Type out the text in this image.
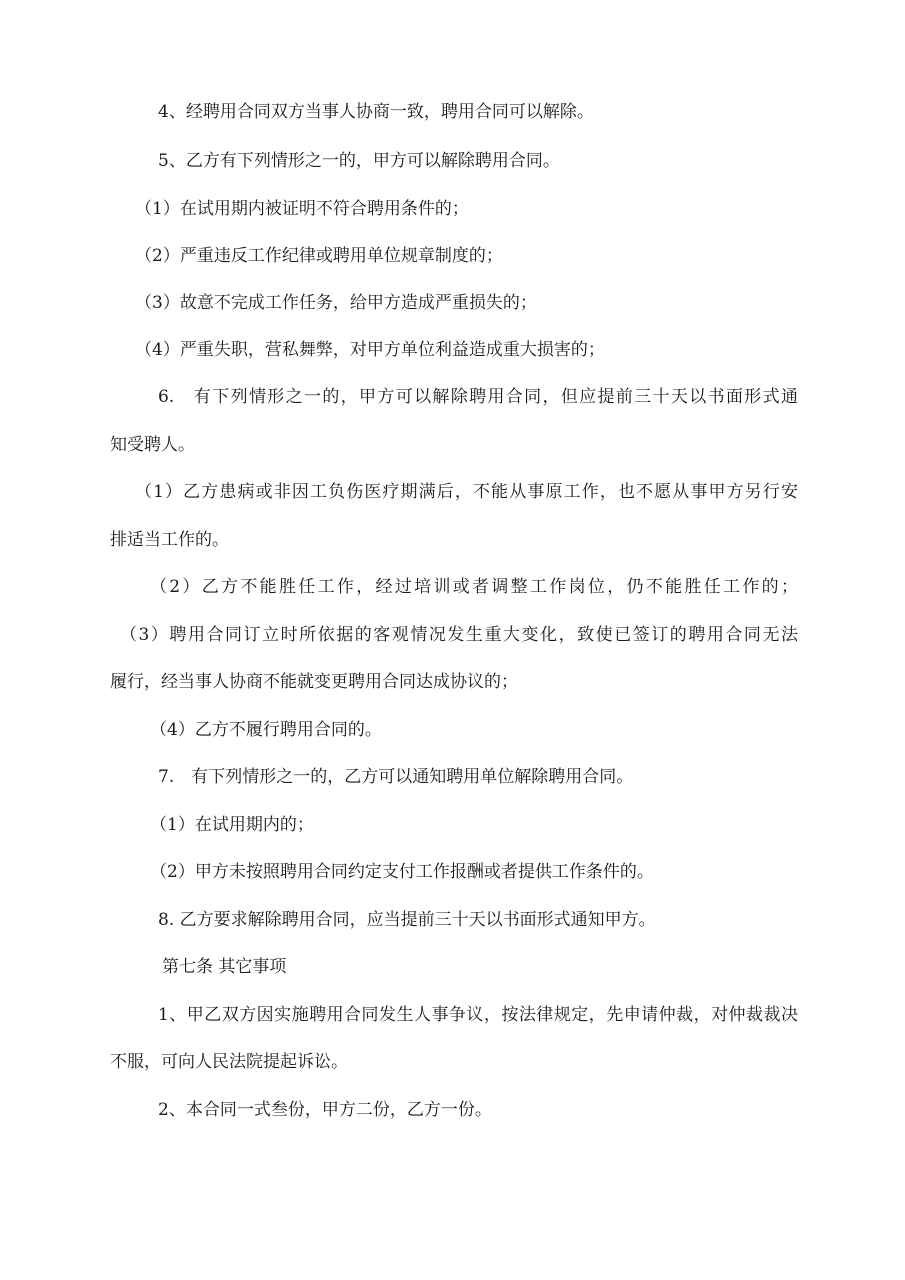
4、经聘用合同双方当事人协商一致，聘用合同可以解除。
5、乙方有下列情形之一的，甲方可以解除聘用合同。
（1）在试用期内被证明不符合聘用条件的；
（2）严重违反工作纪律或聘用单位规章制度的；
（3）故意不完成工作任务，给甲方造成严重损失的；
（4）严重失职，营私舞弊，对甲方单位利益造成重大损害的；
6.　有下列情形之一的，甲方可以解除聘用合同，但应提前三十天以书面形式通
知受聘人。
（1）乙方患病或非因工负伤医疗期满后，不能从事原工作，也不愿从事甲方另行安
排适当工作的。
（2）乙方不能胜任工作，经过培训或者调整工作岗位，仍不能胜任工作的；
（3）聘用合同订立时所依据的客观情况发生重大变化，致使已签订的聘用合同无法
履行，经当事人协商不能就变更聘用合同达成协议的；
（4）乙方不履行聘用合同的。
7.　有下列情形之一的，乙方可以通知聘用单位解除聘用合同。
（1）在试用期内的；
（2）甲方未按照聘用合同约定支付工作报酬或者提供工作条件的。
8. 乙方要求解除聘用合同，应当提前三十天以书面形式通知甲方。
第七条 其它事项
1、甲乙双方因实施聘用合同发生人事争议，按法律规定，先申请仲裁，对仲裁裁决
不服，可向人民法院提起诉讼。
2、本合同一式叁份，甲方二份，乙方一份。
